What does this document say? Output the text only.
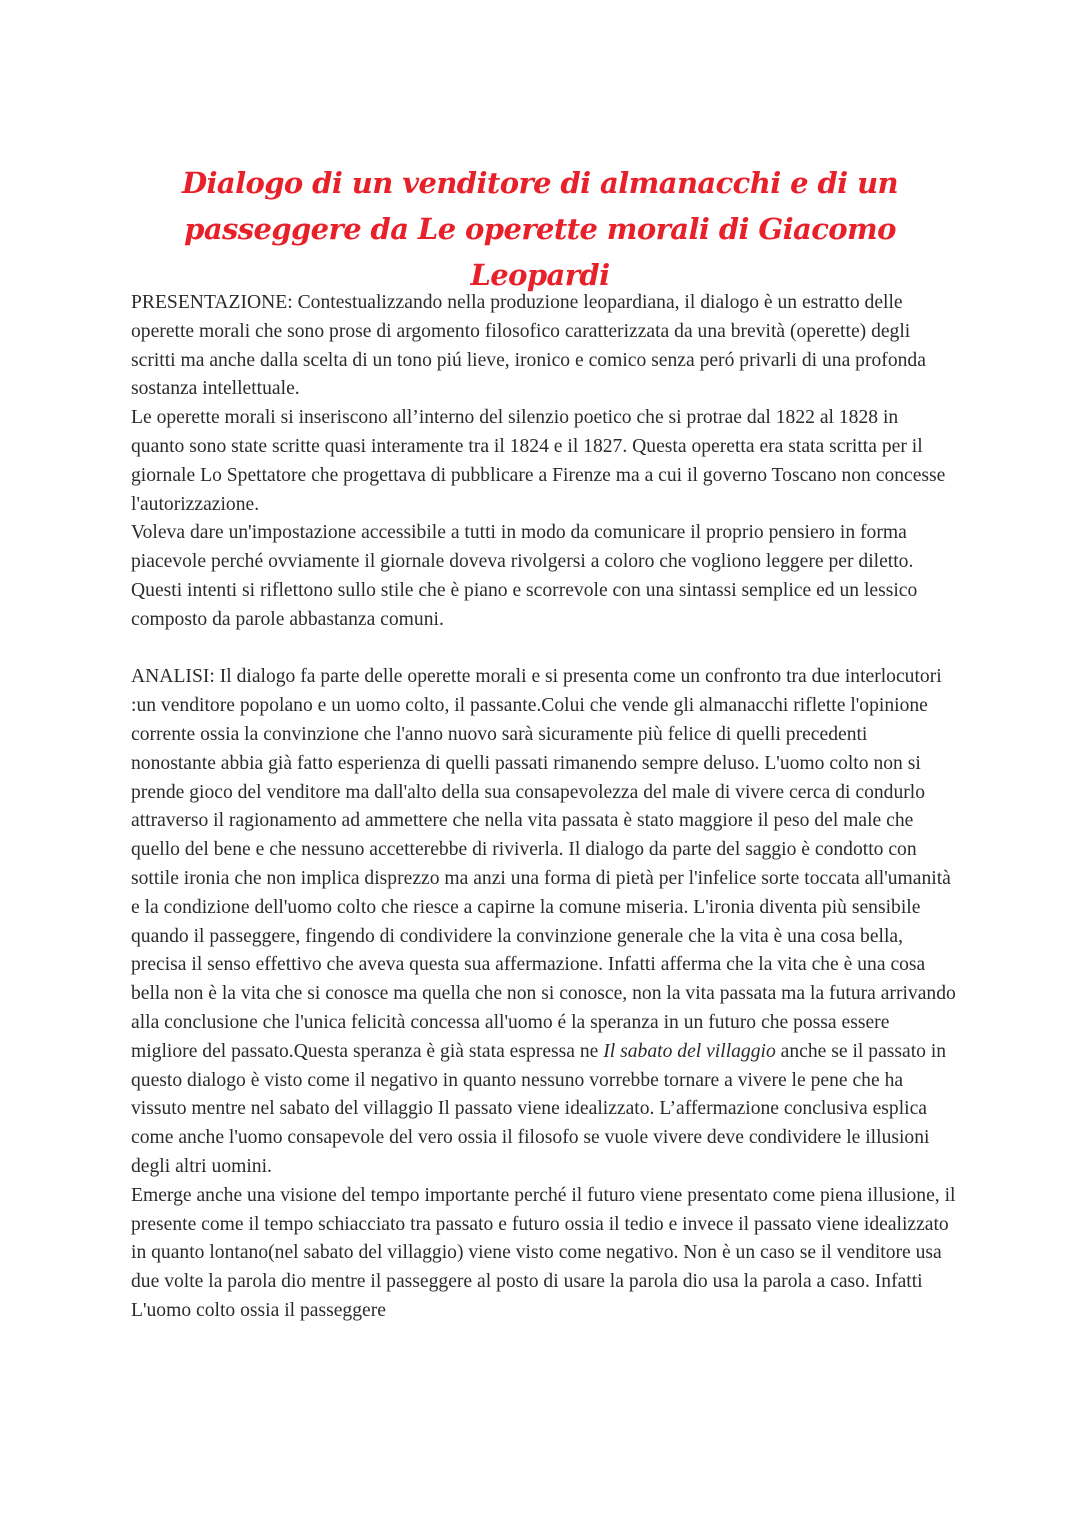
Dialogo di un venditore di almanacchi e di un passeggere da Le operette morali di Giacomo Leopardi

PRESENTAZIONE: Contestualizzando nella produzione leopardiana, il dialogo è un estratto delle operette morali che sono prose di argomento filosofico caratterizzata da una brevità (operette) degli scritti ma anche dalla scelta di un tono piú lieve, ironico e comico senza peró privarli di una profonda sostanza intellettuale.

Le operette morali si inseriscono all’interno del silenzio poetico che si protrae dal 1822 al 1828 in quanto sono state scritte quasi interamente tra il 1824 e il 1827. Questa operetta era stata scritta per il giornale Lo Spettatore che progettava di pubblicare a Firenze ma a cui il governo Toscano non concesse l'autorizzazione.

Voleva dare un'impostazione accessibile a tutti in modo da comunicare il proprio pensiero in forma piacevole perché ovviamente il giornale doveva rivolgersi a coloro che vogliono leggere per diletto. Questi intenti si riflettono sullo stile che è piano e scorrevole con una sintassi semplice ed un lessico composto da parole abbastanza comuni.

ANALISI: Il dialogo fa parte delle operette morali e si presenta come un confronto tra due interlocutori :un venditore popolano e un uomo colto, il passante.Colui che vende gli almanacchi riflette l'opinione corrente ossia la convinzione che l'anno nuovo sarà sicuramente più felice di quelli precedenti nonostante abbia già fatto esperienza di quelli passati rimanendo sempre deluso. L'uomo colto non si prende gioco del venditore ma dall'alto della sua consapevolezza del male di vivere cerca di condurlo attraverso il ragionamento ad ammettere che nella vita passata è stato maggiore il peso del male che quello del bene e che nessuno accetterebbe di riviverla. Il dialogo da parte del saggio è condotto con sottile ironia che non implica disprezzo ma anzi una forma di pietà per l'infelice sorte toccata all'umanità e la condizione dell'uomo colto che riesce a capirne la comune miseria. L'ironia diventa più sensibile quando il passeggere, fingendo di condividere la convinzione generale che la vita è una cosa bella, precisa il senso effettivo che aveva questa sua affermazione. Infatti afferma che la vita che è una cosa bella non è la vita che si conosce ma quella che non si conosce, non la vita passata ma la futura arrivando alla conclusione che l'unica felicità concessa all'uomo é la speranza in un futuro che possa essere migliore del passato.Questa speranza è già stata espressa ne Il sabato del villaggio anche se il passato in questo dialogo è visto come il negativo in quanto nessuno vorrebbe tornare a vivere le pene che ha vissuto mentre nel sabato del villaggio Il passato viene idealizzato. L’affermazione conclusiva esplica come anche l'uomo consapevole del vero ossia il filosofo se vuole vivere deve condividere le illusioni degli altri uomini.

Emerge anche una visione del tempo importante perché il futuro viene presentato come piena illusione, il presente come il tempo schiacciato tra passato e futuro ossia il tedio e invece il passato viene idealizzato in quanto lontano(nel sabato del villaggio) viene visto come negativo. Non è un caso se il venditore usa due volte la parola dio mentre il passeggere al posto di usare la parola dio usa la parola a caso. Infatti L'uomo colto ossia il passeggere
